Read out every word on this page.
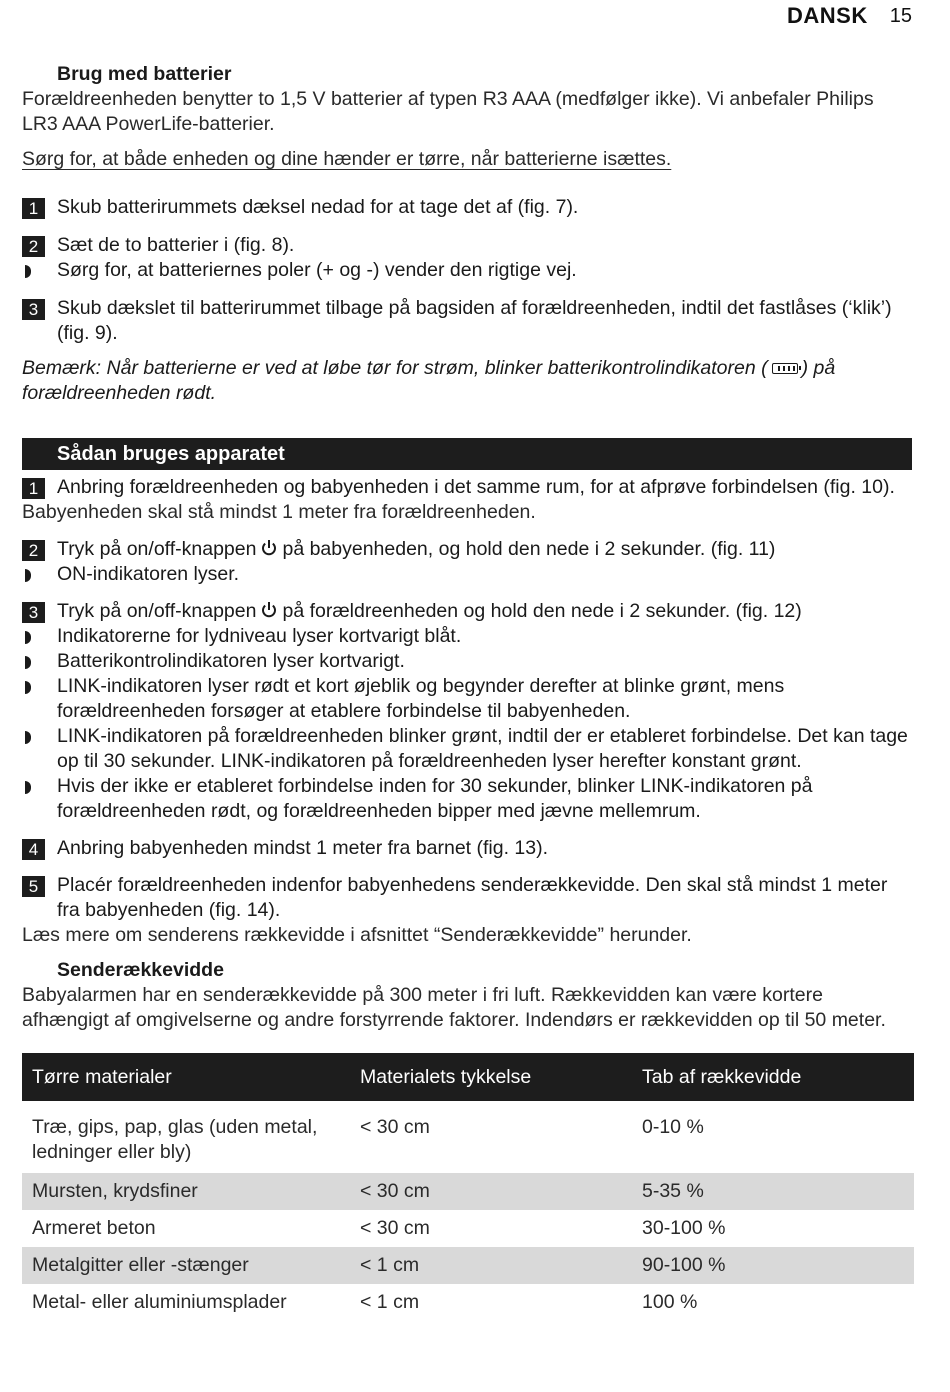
DANSK 15
Brug med batterier
Forældreenheden benytter to 1,5 V batterier af typen R3 AAA (medfølger ikke). Vi anbefaler Philips LR3 AAA PowerLife-batterier.
Sørg for, at både enheden og dine hænder er tørre, når batterierne isættes.
1 Skub batterirummets dæksel nedad for at tage det af (fig. 7).
2 Sæt de to batterier i (fig. 8).
Sørg for, at batteriernes poler (+ og -) vender den rigtige vej.
3 Skub dækslet til batterirummet tilbage på bagsiden af forældreenheden, indtil det fastlåses (‘klik’) (fig. 9).
Bemærk: Når batterierne er ved at løbe tør for strøm, blinker batterikontrolindikatoren ( ) på forældreenheden rødt.
Sådan bruges apparatet
1 Anbring forældreenheden og babyenheden i det samme rum, for at afprøve forbindelsen (fig. 10).
Babyenheden skal stå mindst 1 meter fra forældreenheden.
2 Tryk på on/off-knappen på babyenheden, og hold den nede i 2 sekunder. (fig. 11)
ON-indikatoren lyser.
3 Tryk på on/off-knappen på forældreenheden og hold den nede i 2 sekunder. (fig. 12)
Indikatorerne for lydniveau lyser kortvarigt blåt.
Batterikontrolindikatoren lyser kortvarigt.
LINK-indikatoren lyser rødt et kort øjeblik og begynder derefter at blinke grønt, mens forældreenheden forsøger at etablere forbindelse til babyenheden.
LINK-indikatoren på forældreenheden blinker grønt, indtil der er etableret forbindelse. Det kan tage op til 30 sekunder. LINK-indikatoren på forældreenheden lyser herefter konstant grønt.
Hvis der ikke er etableret forbindelse inden for 30 sekunder, blinker LINK-indikatoren på forældreenheden rødt, og forældreenheden bipper med jævne mellemrum.
4 Anbring babyenheden mindst 1 meter fra barnet (fig. 13).
5 Placér forældreenheden indenfor babyenhedens senderækkevidde. Den skal stå mindst 1 meter fra babyenheden (fig. 14).
Læs mere om senderens rækkevidde i afsnittet “Senderækkevidde” herunder.
Senderækkevidde
Babyalarmen har en senderækkevidde på 300 meter i fri luft. Rækkevidden kan være kortere afhængigt af omgivelserne og andre forstyrrende faktorer. Indendørs er rækkevidden op til 50 meter.
Tørre materialer	Materialets tykkelse	Tab af rækkevidde
Træ, gips, pap, glas (uden metal, ledninger eller bly)	< 30 cm	0-10 %
Mursten, krydsfiner	< 30 cm	5-35 %
Armeret beton	< 30 cm	30-100 %
Metalgitter eller -stænger	< 1 cm	90-100 %
Metal- eller aluminiumsplader	< 1 cm	100 %
